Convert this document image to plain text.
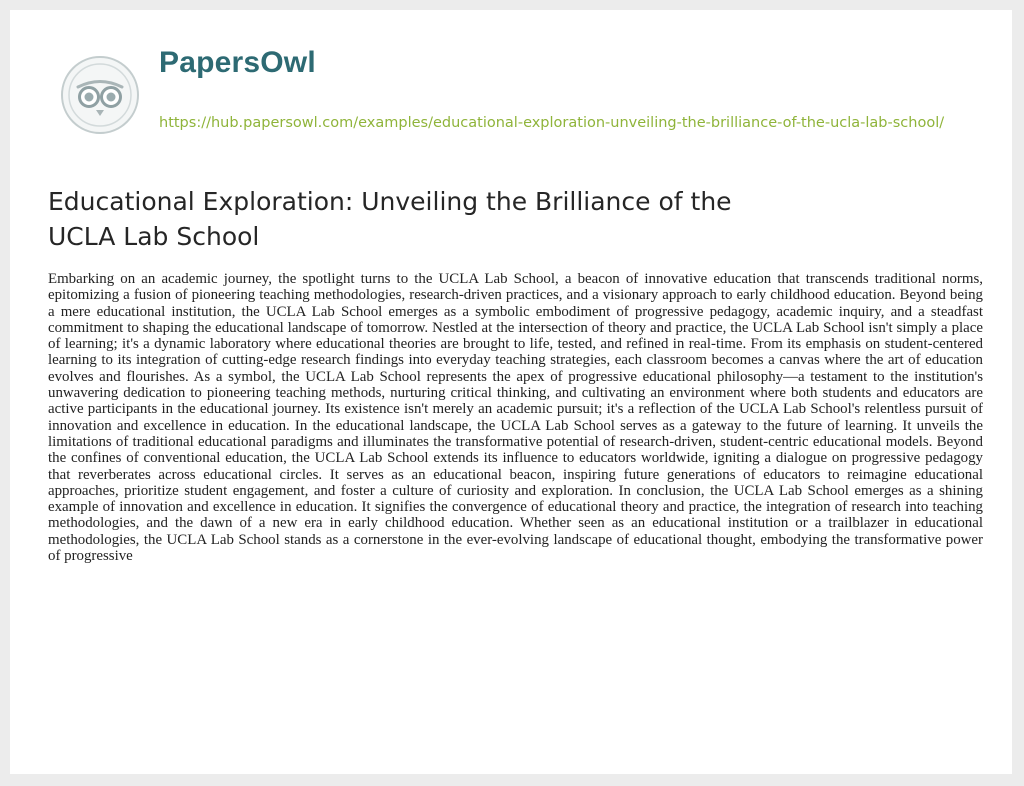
PapersOwl
https://hub.papersowl.com/examples/educational-exploration-unveiling-the-brilliance-of-the-ucla-lab-school/
Educational Exploration: Unveiling the Brilliance of the UCLA Lab School

Embarking on an academic journey, the spotlight turns to the UCLA Lab School, a beacon of innovative education that transcends traditional norms, epitomizing a fusion of pioneering teaching methodologies, research-driven practices, and a visionary approach to early childhood education. Beyond being a mere educational institution, the UCLA Lab School emerges as a symbolic embodiment of progressive pedagogy, academic inquiry, and a steadfast commitment to shaping the educational landscape of tomorrow. Nestled at the intersection of theory and practice, the UCLA Lab School isn't simply a place of learning; it's a dynamic laboratory where educational theories are brought to life, tested, and refined in real-time. From its emphasis on student-centered learning to its integration of cutting-edge research findings into everyday teaching strategies, each classroom becomes a canvas where the art of education evolves and flourishes. As a symbol, the UCLA Lab School represents the apex of progressive educational philosophy—a testament to the institution's unwavering dedication to pioneering teaching methods, nurturing critical thinking, and cultivating an environment where both students and educators are active participants in the educational journey. Its existence isn't merely an academic pursuit; it's a reflection of the UCLA Lab School's relentless pursuit of innovation and excellence in education. In the educational landscape, the UCLA Lab School serves as a gateway to the future of learning. It unveils the limitations of traditional educational paradigms and illuminates the transformative potential of research-driven, student-centric educational models. Beyond the confines of conventional education, the UCLA Lab School extends its influence to educators worldwide, igniting a dialogue on progressive pedagogy that reverberates across educational circles. It serves as an educational beacon, inspiring future generations of educators to reimagine educational approaches, prioritize student engagement, and foster a culture of curiosity and exploration. In conclusion, the UCLA Lab School emerges as a shining example of innovation and excellence in education. It signifies the convergence of educational theory and practice, the integration of research into teaching methodologies, and the dawn of a new era in early childhood education. Whether seen as an educational institution or a trailblazer in educational methodologies, the UCLA Lab School stands as a cornerstone in the ever-evolving landscape of educational thought, embodying the transformative power of progressive
